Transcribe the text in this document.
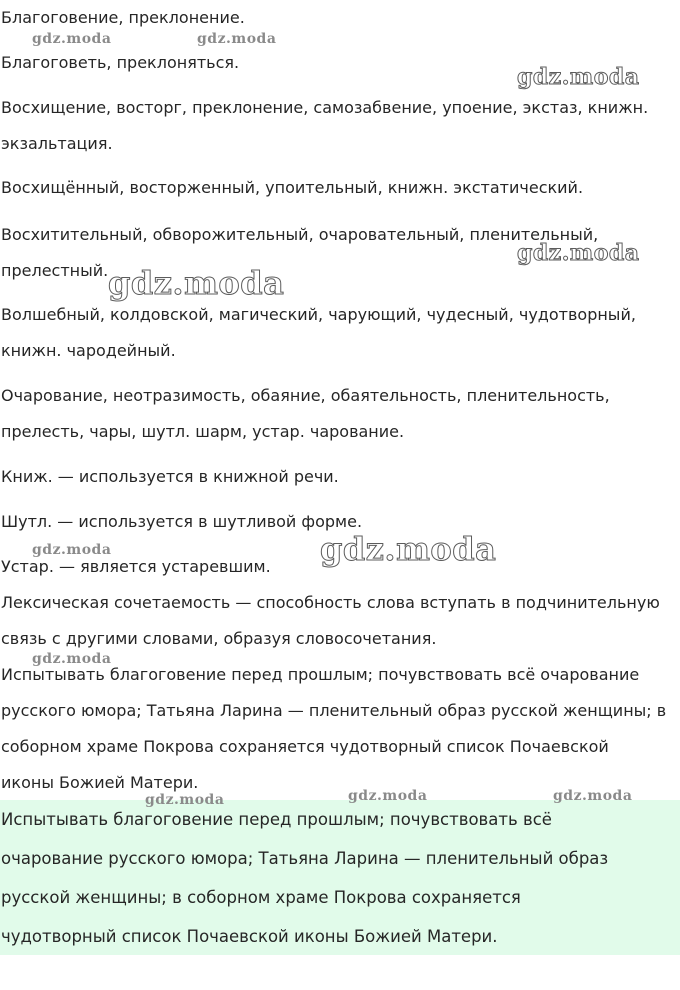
Благоговение, преклонение.
Благоговеть, преклоняться.
Восхищение, восторг, преклонение, самозабвение, упоение, экстаз, книжн.
экзальтация.
Восхищённый, восторженный, упоительный, книжн. экстатический.
Восхитительный, обворожительный, очаровательный, пленительный,
прелестный.
Волшебный, колдовской, магический, чарующий, чудесный, чудотворный,
книжн. чародейный.
Очарование, неотразимость, обаяние, обаятельность, пленительность,
прелесть, чары, шутл. шарм, устар. чарование.
Книж. — используется в книжной речи.
Шутл. — используется в шутливой форме.
Устар. — является устаревшим.
Лексическая сочетаемость — способность слова вступать в подчинительную
связь с другими словами, образуя словосочетания.
Испытывать благоговение перед прошлым; почувствовать всё очарование
русского юмора; Татьяна Ларина — пленительный образ русской женщины; в
соборном храме Покрова сохраняется чудотворный список Почаевской
иконы Божией Матери.
Испытывать благоговение перед прошлым; почувствовать всё
очарование русского юмора; Татьяна Ларина — пленительный образ
русской женщины; в соборном храме Покрова сохраняется
чудотворный список Почаевской иконы Божией Матери.
gdz.moda	gdz.moda
gdz.moda
gdz.moda
gdz.moda
gdz.moda	gdz.moda
gdz.moda
gdz.moda	gdz.moda	gdz.moda
